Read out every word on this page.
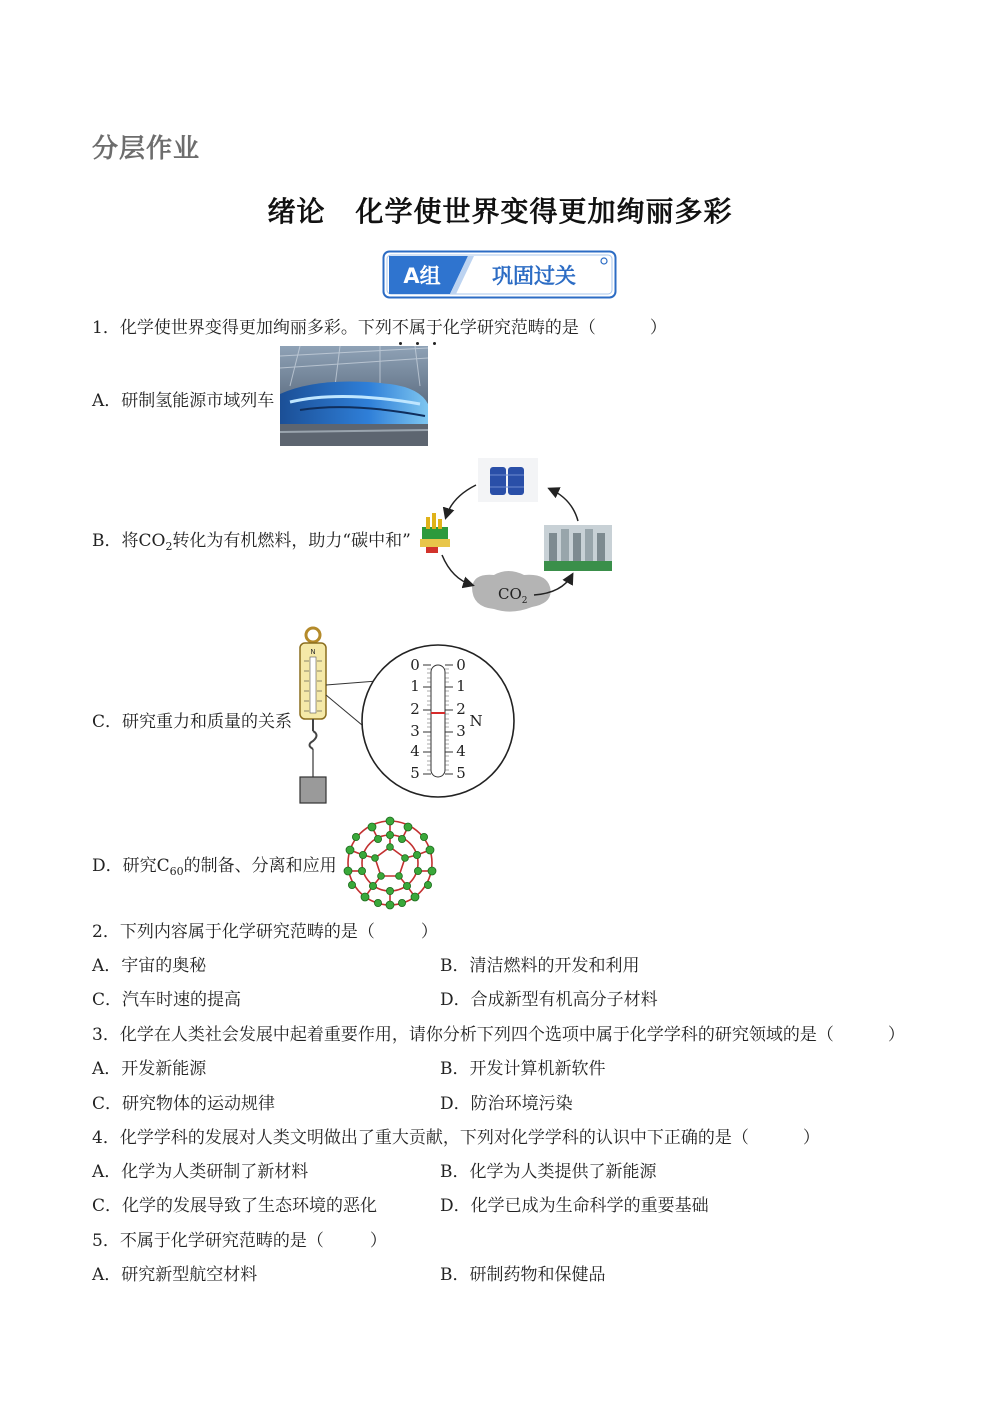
分层作业
绪论 化学使世界变得更加绚丽多彩
A组 巩固过关
1．化学使世界变得更加绚丽多彩。下列不属于
化学研究范畴的是（	）
A．研制氢能源市域列车
B．将$CO_2$转化为有机燃料，助力“碳中和”
$CO_2$
C．研究重力和质量的关系
N
0
1
2
3
4
5
0
1
2
3
4
5
N
D．研究$C_{60}$的制备、分离和应用
2．下列内容属于化学研究范畴的是（	）
A．宇宙的奥秘	B．清洁燃料的开发和利用
C．汽车时速的提高	D．合成新型有机高分子材料
3．化学在人类社会发展中起着重要作用，请你分析下列四个选项中属于化学学科的研究领域的是（	）
A．开发新能源	B．开发计算机新软件
C．研究物体的运动规律	D．防治环境污染
4．化学学科的发展对人类文明做出了重大贡献，下列对化学学科的认识中下正确的是（	）
A．化学为人类研制了新材料	B．化学为人类提供了新能源
C．化学的发展导致了生态环境的恶化	D．化学已成为生命科学的重要基础
5．不属于化学研究范畴的是（	）
A．研究新型航空材料	B．研制药物和保健品
